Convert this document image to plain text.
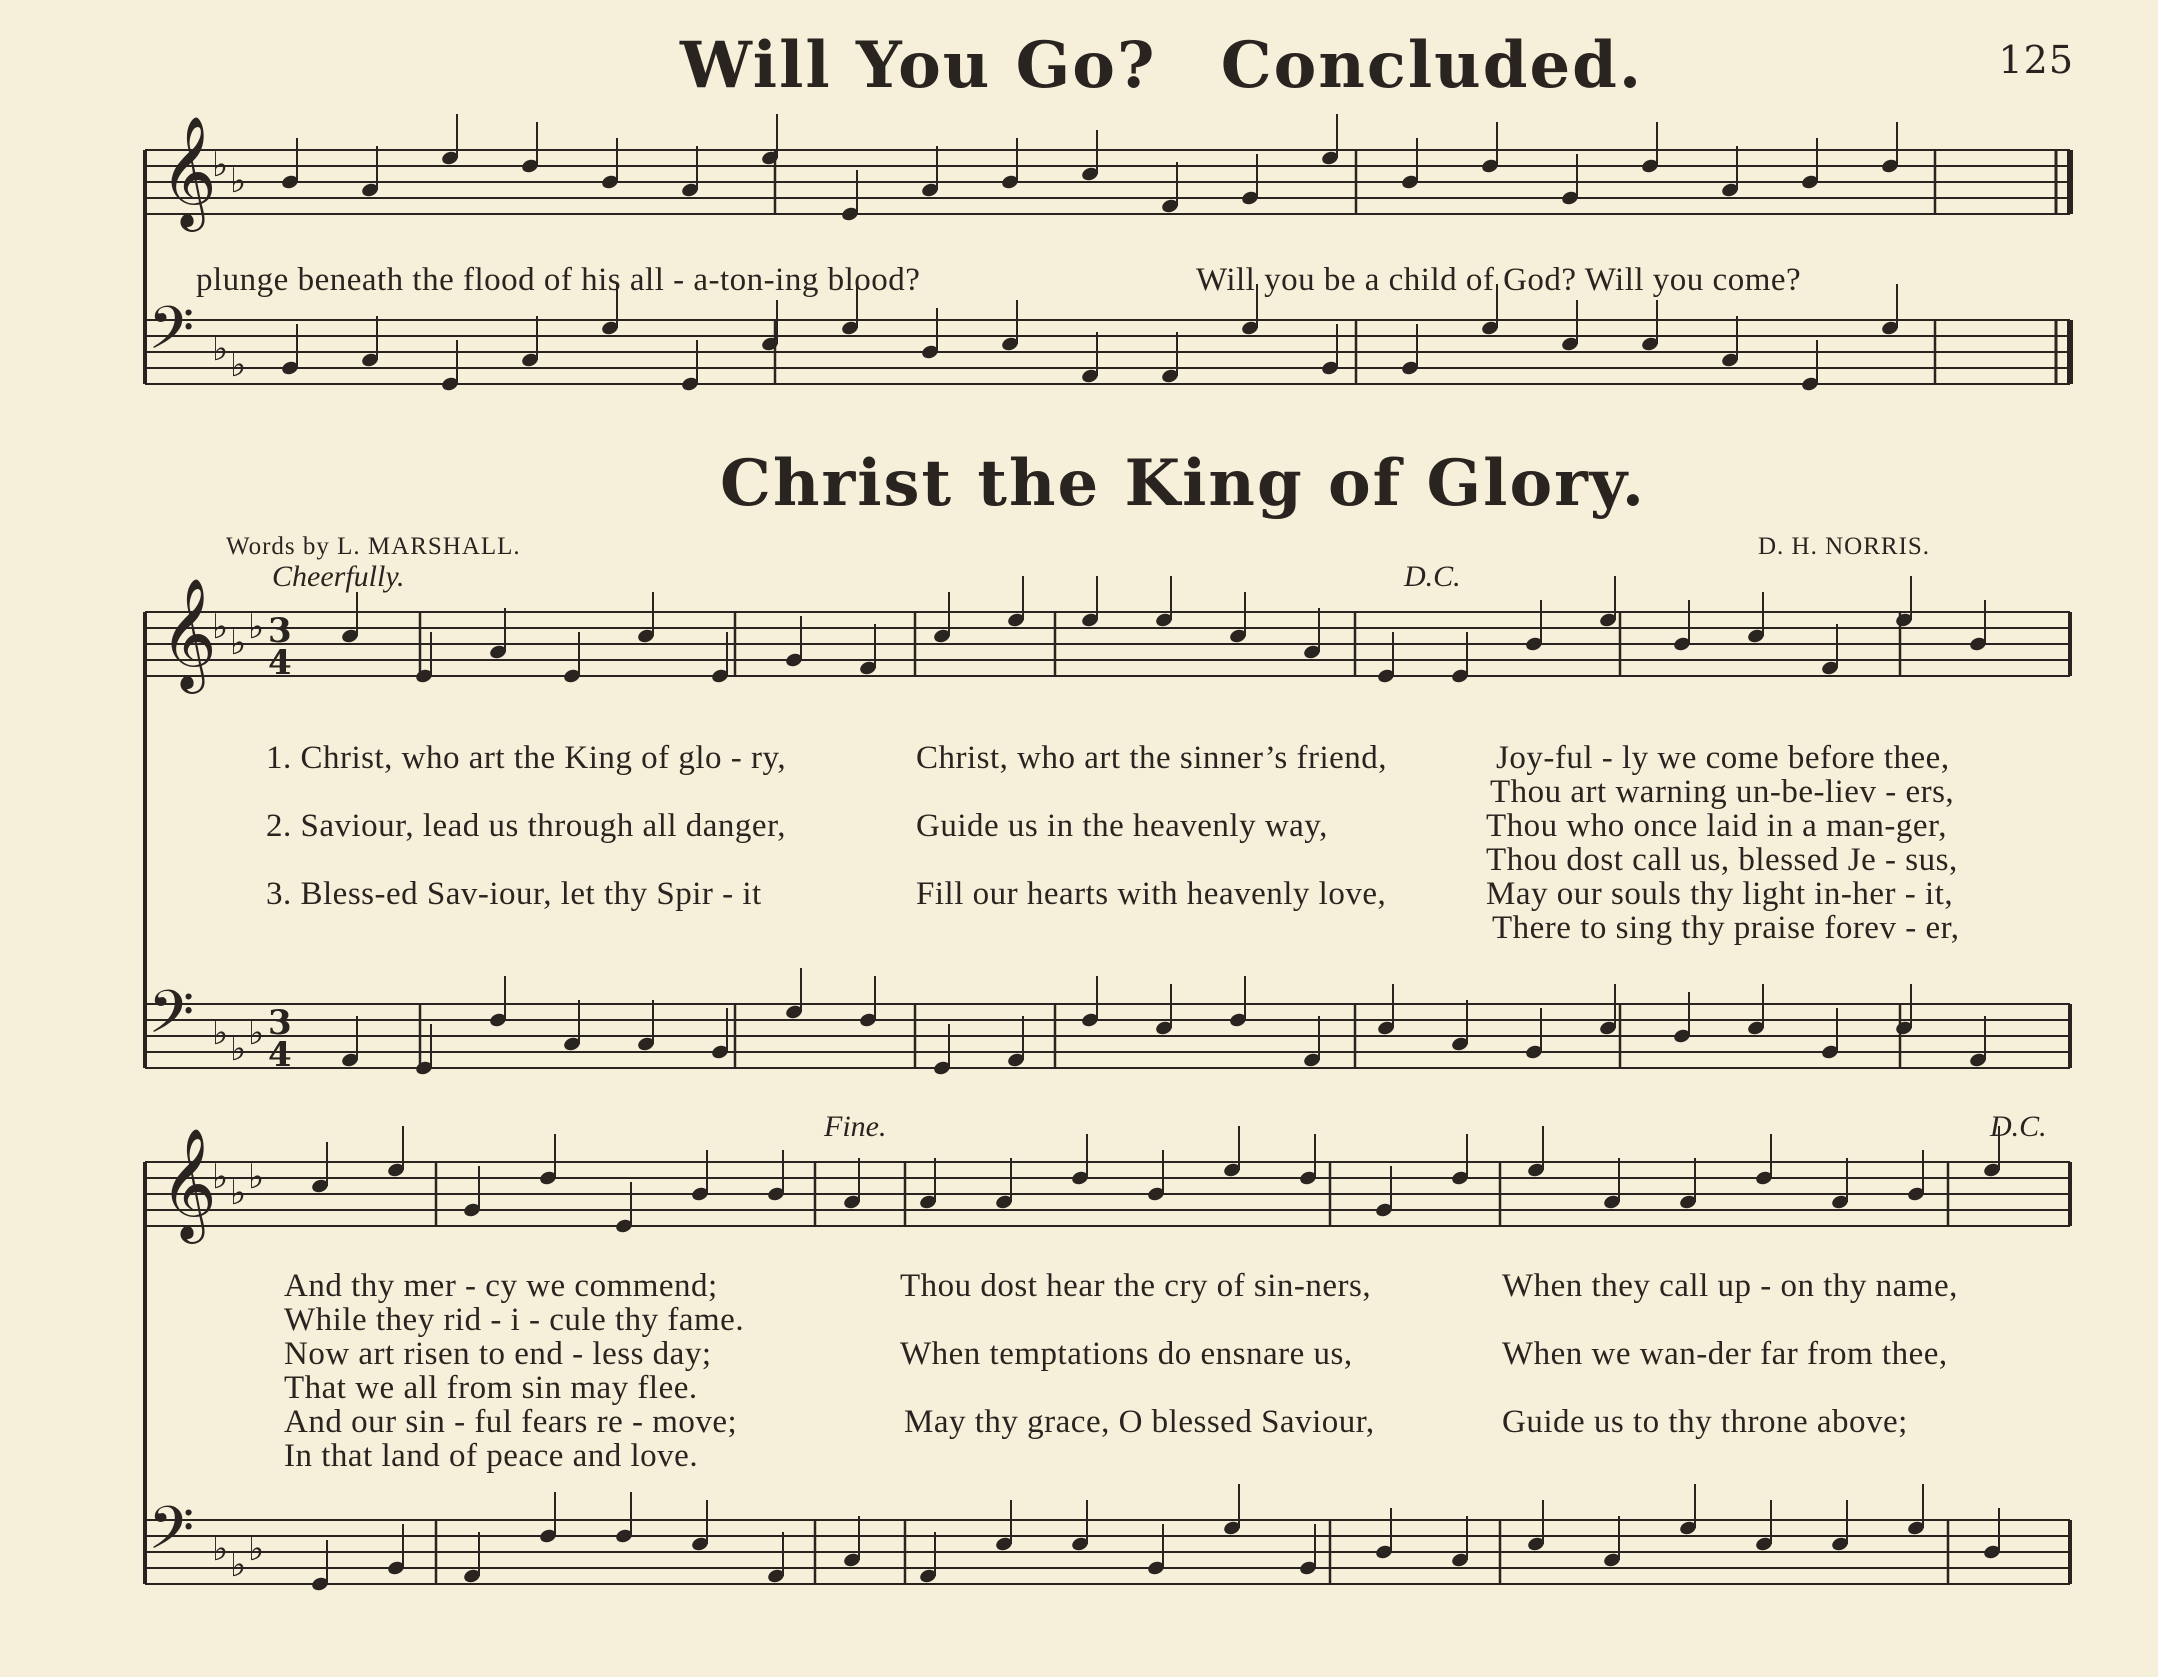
125
Will You Go? Concluded.
𝄞
𝄢
♭ ♭
♭ ♭
𝄞
𝄢
♭ ♭ ♭
♭ ♭ ♭
3
4
3
4
𝄞
𝄢
♭ ♭ ♭
♭ ♭ ♭
plunge beneath the flood of his all - a-ton-ing blood?	Will you be a child of God? Will you come?
Christ the King of Glory.
Words by L. MARSHALL.	D. H. NORRIS.
Cheerfully.	D.C.
Fine.	D.C.
1. Christ, who art the King of glo - ry,	Christ, who art the sinner’s friend,	Joy-ful - ly we come before thee,
Thou art warning un-be-liev - ers,
2. Saviour, lead us through all danger,	Guide us in the heavenly way,	Thou who once laid in a man-ger,
Thou dost call us, blessed Je - sus,
3. Bless-ed Sav-iour, let thy Spir - it	Fill our hearts with heavenly love,	May our souls thy light in-her - it,
There to sing thy praise forev - er,
And thy mer - cy we commend;	Thou dost hear the cry of sin-ners,	When they call up - on thy name,
While they rid - i - cule thy fame.
Now art risen to end - less day;	When temptations do ensnare us,	When we wan-der far from thee,
That we all from sin may flee.
And our sin - ful fears re - move;	May thy grace, O blessed Saviour,	Guide us to thy throne above;
In that land of peace and love.
